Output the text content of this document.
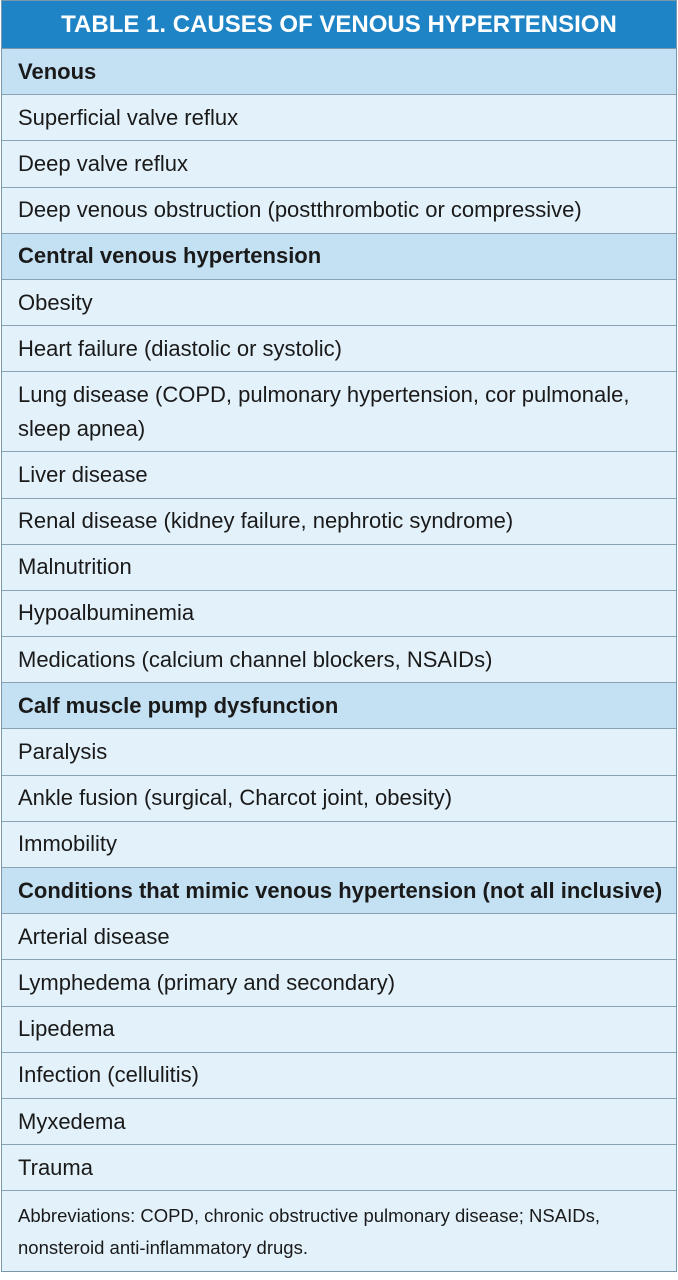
TABLE 1. CAUSES OF VENOUS HYPERTENSION
Venous
Superficial valve reflux
Deep valve reflux
Deep venous obstruction (postthrombotic or compressive)
Central venous hypertension
Obesity
Heart failure (diastolic or systolic)
Lung disease (COPD, pulmonary hypertension, cor pulmonale, sleep apnea)
Liver disease
Renal disease (kidney failure, nephrotic syndrome)
Malnutrition
Hypoalbuminemia
Medications (calcium channel blockers, NSAIDs)
Calf muscle pump dysfunction
Paralysis
Ankle fusion (surgical, Charcot joint, obesity)
Immobility
Conditions that mimic venous hypertension (not all inclusive)
Arterial disease
Lymphedema (primary and secondary)
Lipedema
Infection (cellulitis)
Myxedema
Trauma
Abbreviations: COPD, chronic obstructive pulmonary disease; NSAIDs, nonsteroid anti-inflammatory drugs.
